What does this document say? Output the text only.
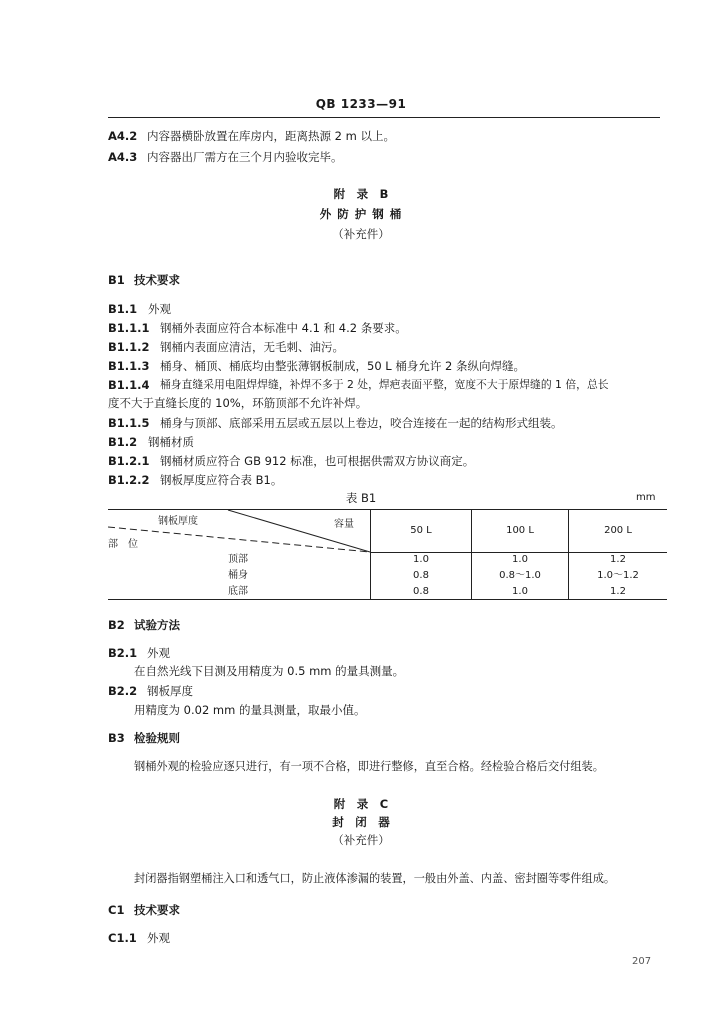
QB 1233—91
A4.2 内容器横卧放置在库房内，距离热源 2 m 以上。
A4.3 内容器出厂需方在三个月内验收完毕。
附　录　B
外 防 护 钢 桶
（补充件）
B1 技术要求
B1.1 外观
B1.1.1 钢桶外表面应符合本标准中 4.1 和 4.2 条要求。
B1.1.2 钢桶内表面应清洁，无毛刺、油污。
B1.1.3 桶身、桶顶、桶底均由整张薄钢板制成，50 L 桶身允许 2 条纵向焊缝。
B1.1.4 桶身直缝采用电阻焊焊缝，补焊不多于 2 处，焊疤表面平整，宽度不大于原焊缝的 1 倍，总长
度不大于直缝长度的 10%，环筋顶部不允许补焊。
B1.1.5 桶身与顶部、底部采用五层或五层以上卷边，咬合连接在一起的结构形式组装。
B1.2 钢桶材质
B1.2.1 钢桶材质应符合 GB 912 标准，也可根据供需双方协议商定。
B1.2.2 钢板厚度应符合表 B1。
表 B1	mm
钢板厚度	容量
部　位
50 L	100 L	200 L
顶部	1.0	1.0	1.2
桶身	0.8	0.8～1.0	1.0～1.2
底部	0.8	1.0	1.2
B2 试验方法
B2.1 外观
在自然光线下目测及用精度为 0.5 mm 的量具测量。
B2.2 钢板厚度
用精度为 0.02 mm 的量具测量，取最小值。
B3 检验规则
钢桶外观的检验应逐只进行，有一项不合格，即进行整修，直至合格。经检验合格后交付组装。
附　录　C
封　闭　器
（补充件）
封闭器指钢塑桶注入口和透气口，防止液体渗漏的装置，一般由外盖、内盖、密封圈等零件组成。
C1 技术要求
C1.1 外观
207
